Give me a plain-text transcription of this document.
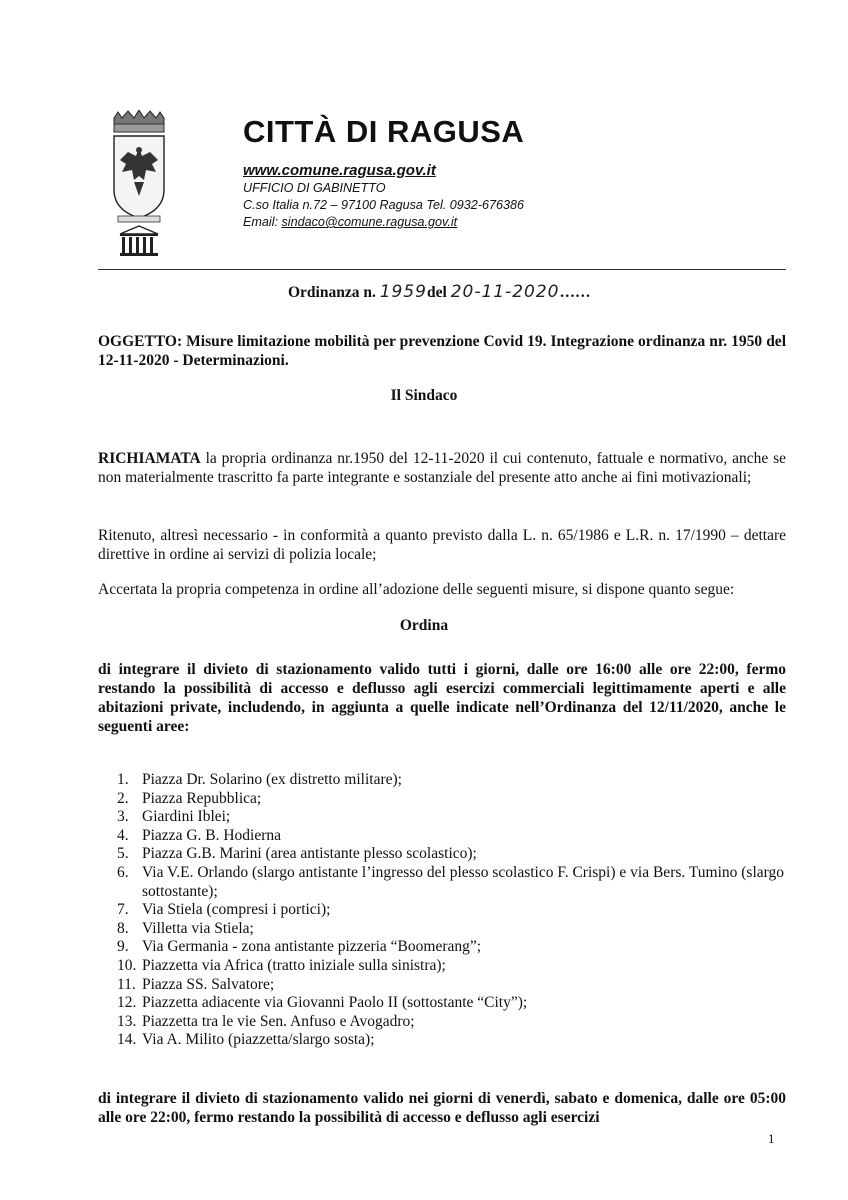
CITTÀ DI RAGUSA
www.comune.ragusa.gov.it
UFFICIO DI GABINETTO
C.so Italia n.72 – 97100 Ragusa Tel. 0932-676386
Email: sindaco@comune.ragusa.gov.it
Ordinanza n. 1959del 20-11-2020……
OGGETTO: Misure limitazione mobilità per prevenzione Covid 19. Integrazione ordinanza nr. 1950 del 12-11-2020 - Determinazioni.
Il Sindaco
RICHIAMATA la propria ordinanza nr.1950 del 12-11-2020 il cui contenuto, fattuale e normativo, anche se non materialmente trascritto fa parte integrante e sostanziale del presente atto anche ai fini motivazionali;
Ritenuto, altresì necessario - in conformità a quanto previsto dalla L. n. 65/1986 e L.R. n. 17/1990 – dettare direttive in ordine ai servizi di polizia locale;
Accertata la propria competenza in ordine all’adozione delle seguenti misure, si dispone quanto segue:
Ordina
di integrare il divieto di stazionamento valido tutti i giorni, dalle ore 16:00 alle ore 22:00, fermo restando la possibilità di accesso e deflusso agli esercizi commerciali legittimamente aperti e alle abitazioni private, includendo, in aggiunta a quelle indicate nell’Ordinanza del 12/11/2020, anche le seguenti aree:
1. Piazza Dr. Solarino (ex distretto militare);
2. Piazza Repubblica;
3. Giardini Iblei;
4. Piazza G. B. Hodierna
5. Piazza G.B. Marini (area antistante plesso scolastico);
6. Via V.E. Orlando (slargo antistante l’ingresso del plesso scolastico F. Crispi) e via Bers. Tumino (slargo sottostante);
7. Via Stiela (compresi i portici);
8. Villetta via Stiela;
9. Via Germania - zona antistante pizzeria “Boomerang”;
10. Piazzetta via Africa (tratto iniziale sulla sinistra);
11. Piazza SS. Salvatore;
12. Piazzetta adiacente via Giovanni Paolo II (sottostante “City”);
13. Piazzetta tra le vie Sen. Anfuso e Avogadro;
14. Via A. Milito (piazzetta/slargo sosta);
di integrare il divieto di stazionamento valido nei giorni di venerdì, sabato e domenica, dalle ore 05:00 alle ore 22:00, fermo restando la possibilità di accesso e deflusso agli esercizi
1
